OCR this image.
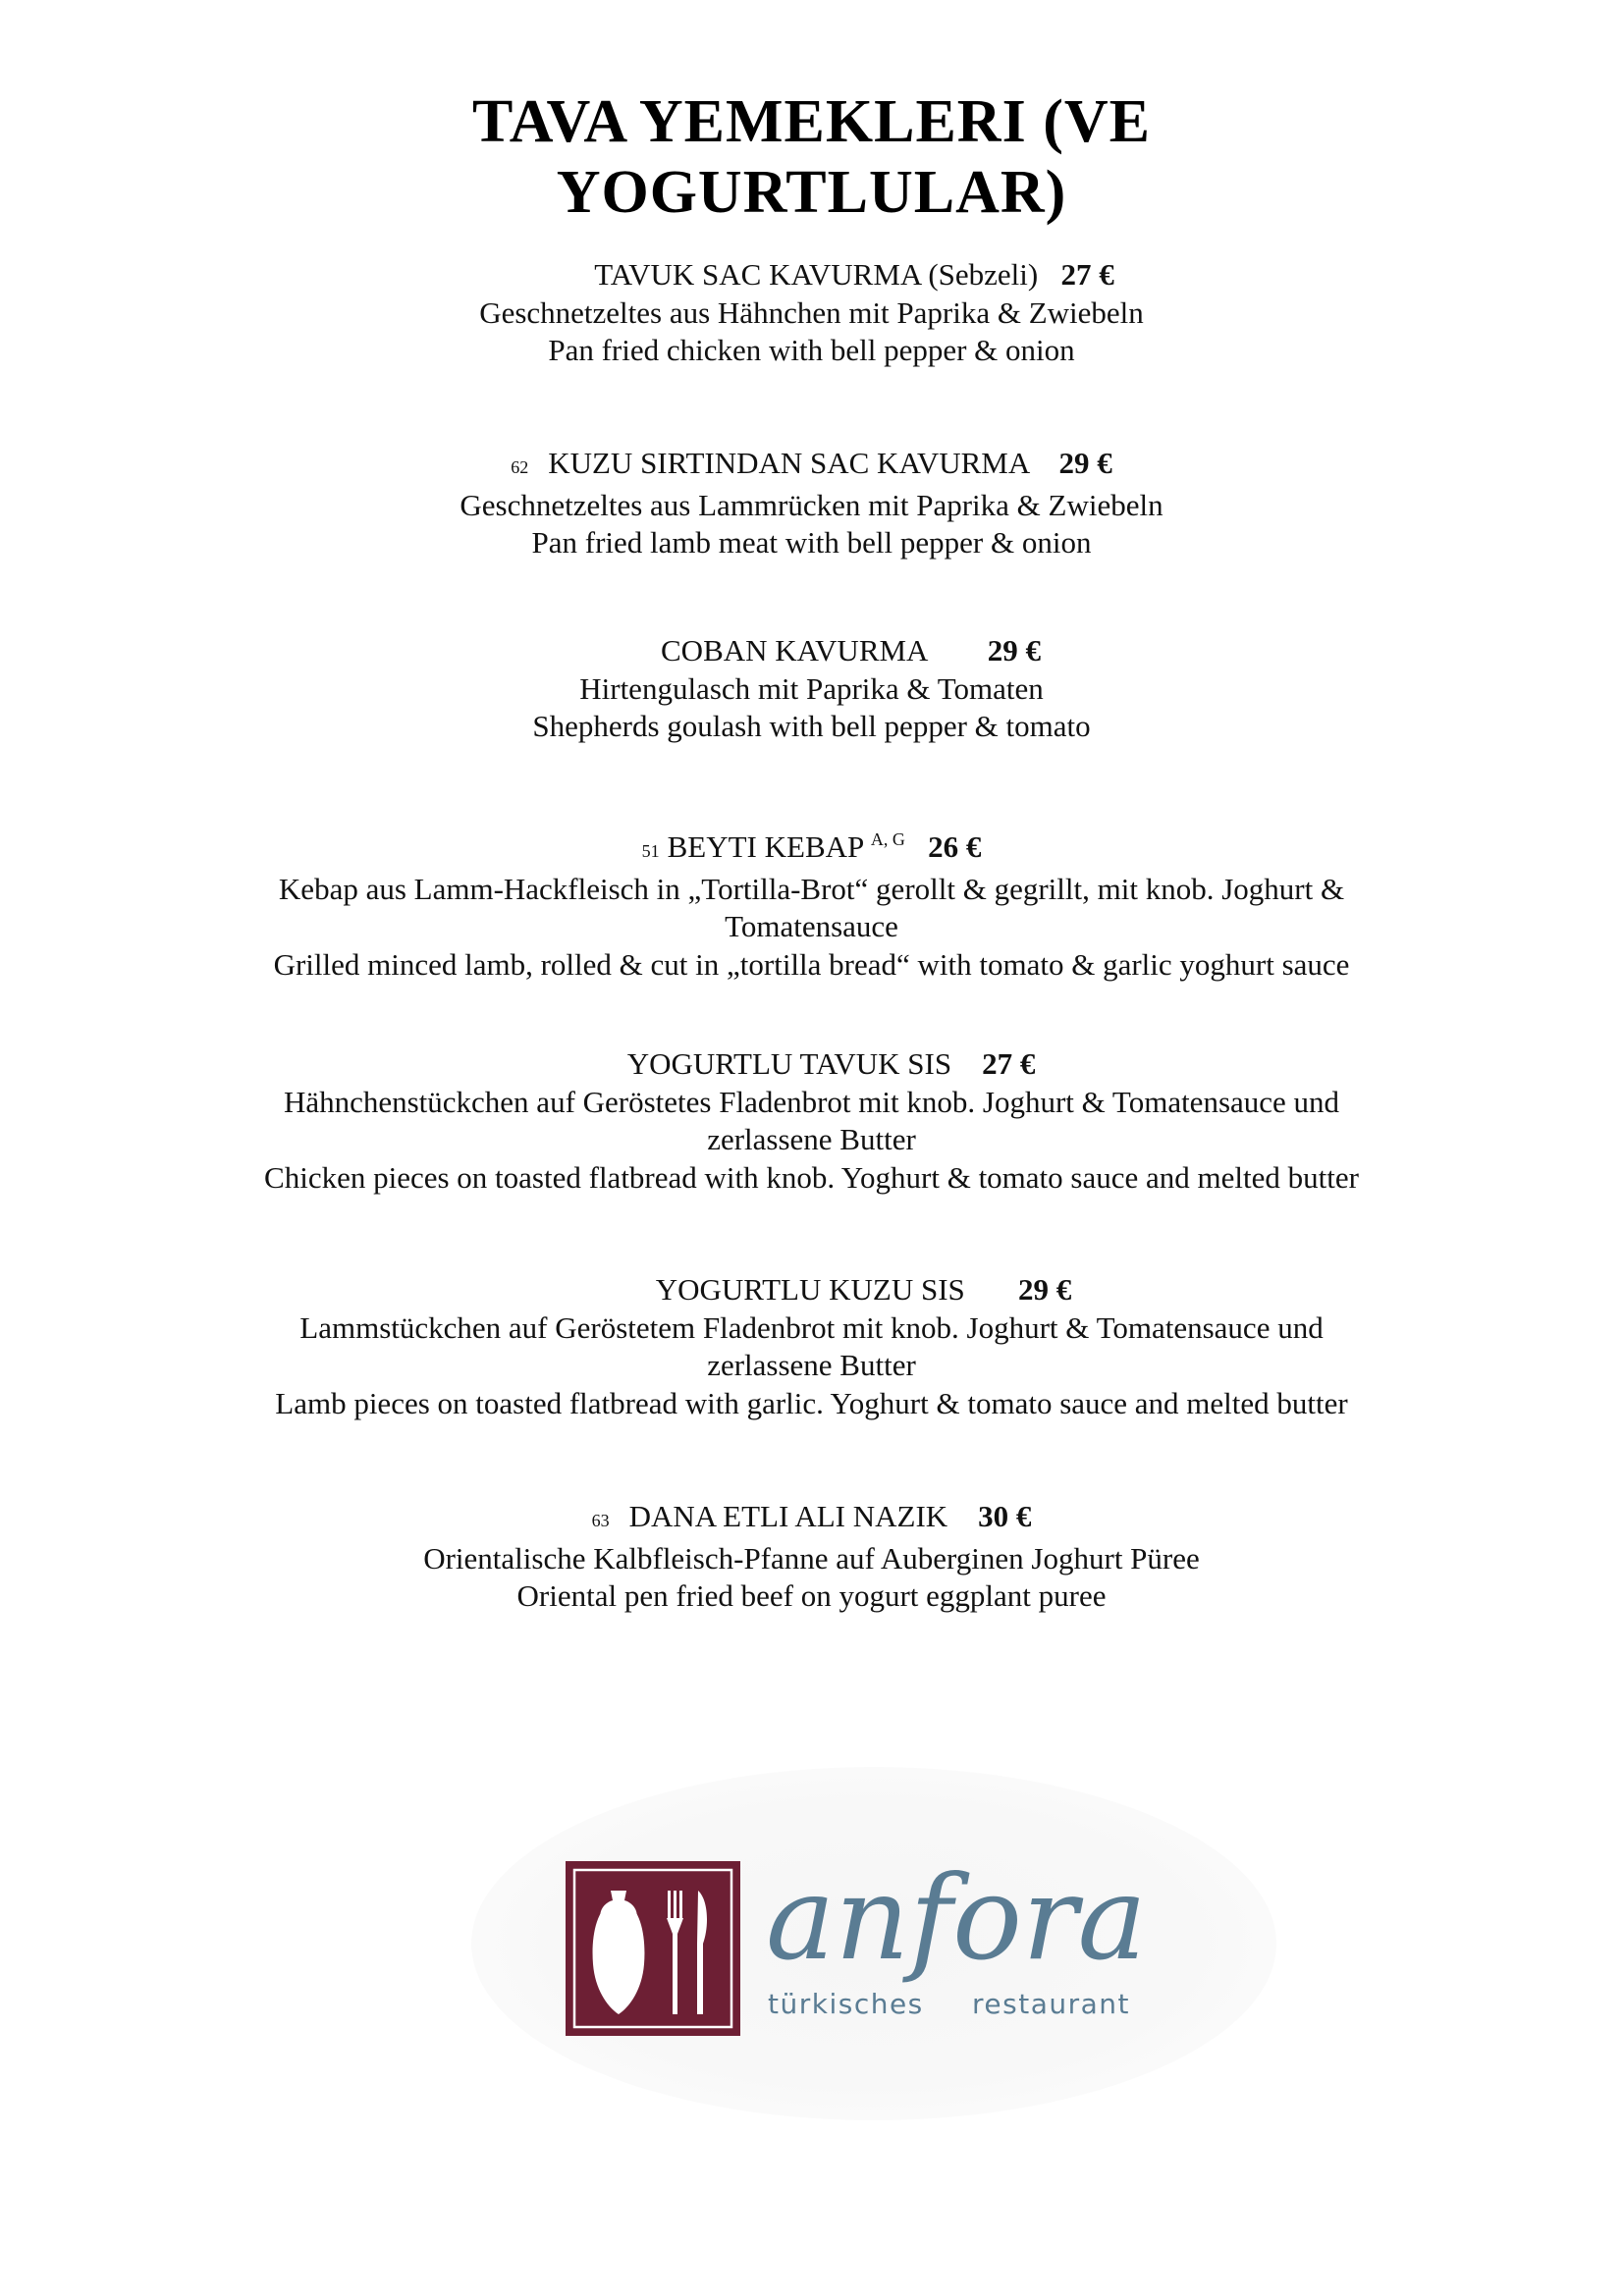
TAVA YEMEKLERI (VE
YOGURTLULAR)
TAVUK SAC KAVURMA (Sebzeli) 27 €
Geschnetzeltes aus Hähnchen mit Paprika & Zwiebeln
Pan fried chicken with bell pepper & onion
62 KUZU SIRTINDAN SAC KAVURMA 29 €
Geschnetzeltes aus Lammrücken mit Paprika & Zwiebeln
Pan fried lamb meat with bell pepper & onion
COBAN KAVURMA 29 €
Hirtengulasch mit Paprika & Tomaten
Shepherds goulash with bell pepper & tomato
51 BEYTI KEBAP $^{A, G}$ 26 €
Kebap aus Lamm-Hackfleisch in „Tortilla-Brot“ gerollt & gegrillt, mit knob. Joghurt &
Tomatensauce
Grilled minced lamb, rolled & cut in „tortilla bread“ with tomato & garlic yoghurt sauce
YOGURTLU TAVUK SIS 27 €
Hähnchenstückchen auf Geröstetes Fladenbrot mit knob. Joghurt & Tomatensauce und
zerlassene Butter
Chicken pieces on toasted flatbread with knob. Yoghurt & tomato sauce and melted butter
YOGURTLU KUZU SIS 29 €
Lammstückchen auf Geröstetem Fladenbrot mit knob. Joghurt & Tomatensauce und
zerlassene Butter
Lamb pieces on toasted flatbread with garlic. Yoghurt & tomato sauce and melted butter
63 DANA ETLI ALI NAZIK 30 €
Orientalische Kalbfleisch-Pfanne auf Auberginen Joghurt Püree
Oriental pen fried beef on yogurt eggplant puree
anfora
türkisches restaurant
